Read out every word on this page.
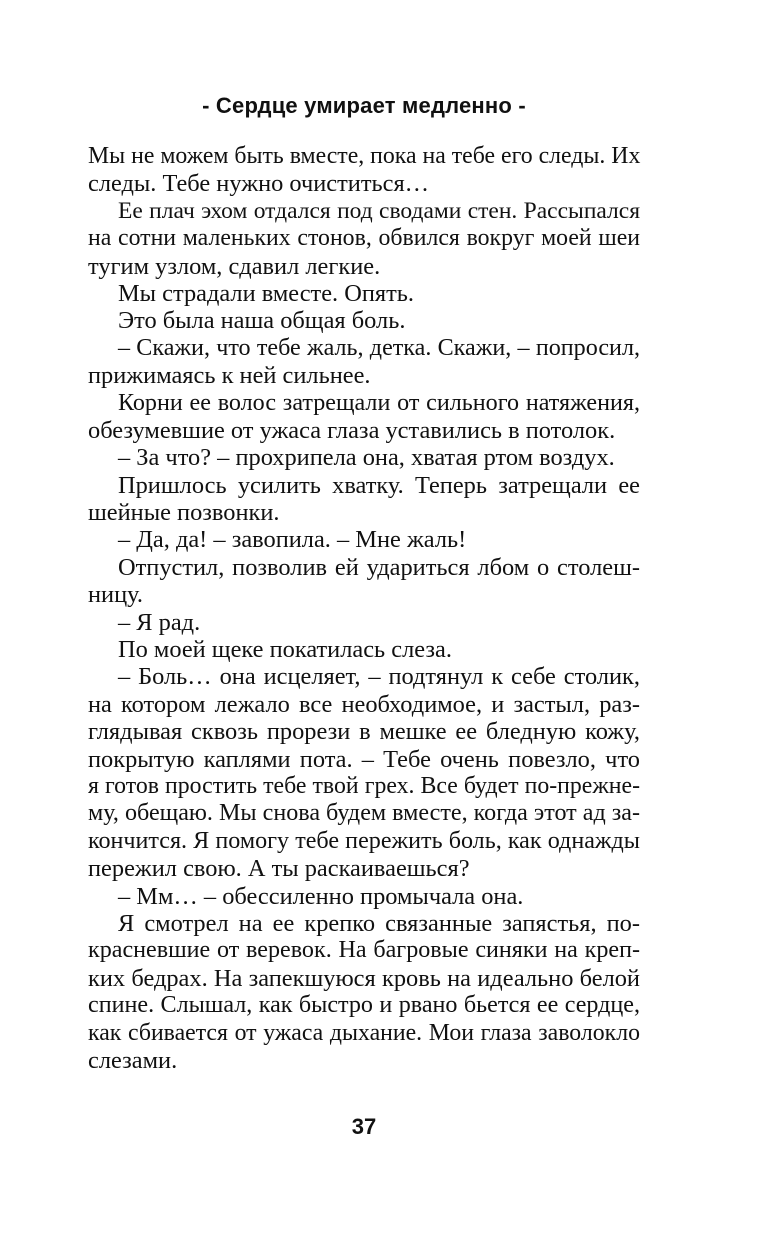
- Сердце умирает медленно -
Мы не можем быть вместе, пока на тебе его следы. Их
следы. Тебе нужно очиститься…
Ее плач эхом отдался под сводами стен. Рассыпался
на сотни маленьких стонов, обвился вокруг моей шеи
тугим узлом, сдавил легкие.
Мы страдали вместе. Опять.
Это была наша общая боль.
– Скажи, что тебе жаль, детка. Скажи, – попросил,
прижимаясь к ней сильнее.
Корни ее волос затрещали от сильного натяжения,
обезумевшие от ужаса глаза уставились в потолок.
– За что? – прохрипела она, хватая ртом воздух.
Пришлось усилить хватку. Теперь затрещали ее
шейные позвонки.
– Да, да! – завопила. – Мне жаль!
Отпустил, позволив ей удариться лбом о столеш-
ницу.
– Я рад.
По моей щеке покатилась слеза.
– Боль… она исцеляет, – подтянул к себе столик,
на котором лежало все необходимое, и застыл, раз-
глядывая сквозь прорези в мешке ее бледную кожу,
покрытую каплями пота. – Тебе очень повезло, что
я готов простить тебе твой грех. Все будет по-прежне-
му, обещаю. Мы снова будем вместе, когда этот ад за-
кончится. Я помогу тебе пережить боль, как однажды
пережил свою. А ты раскаиваешься?
– Мм… – обессиленно промычала она.
Я смотрел на ее крепко связанные запястья, по-
красневшие от веревок. На багровые синяки на креп-
ких бедрах. На запекшуюся кровь на идеально белой
спине. Слышал, как быстро и рвано бьется ее сердце,
как сбивается от ужаса дыхание. Мои глаза заволокло
слезами.
37
